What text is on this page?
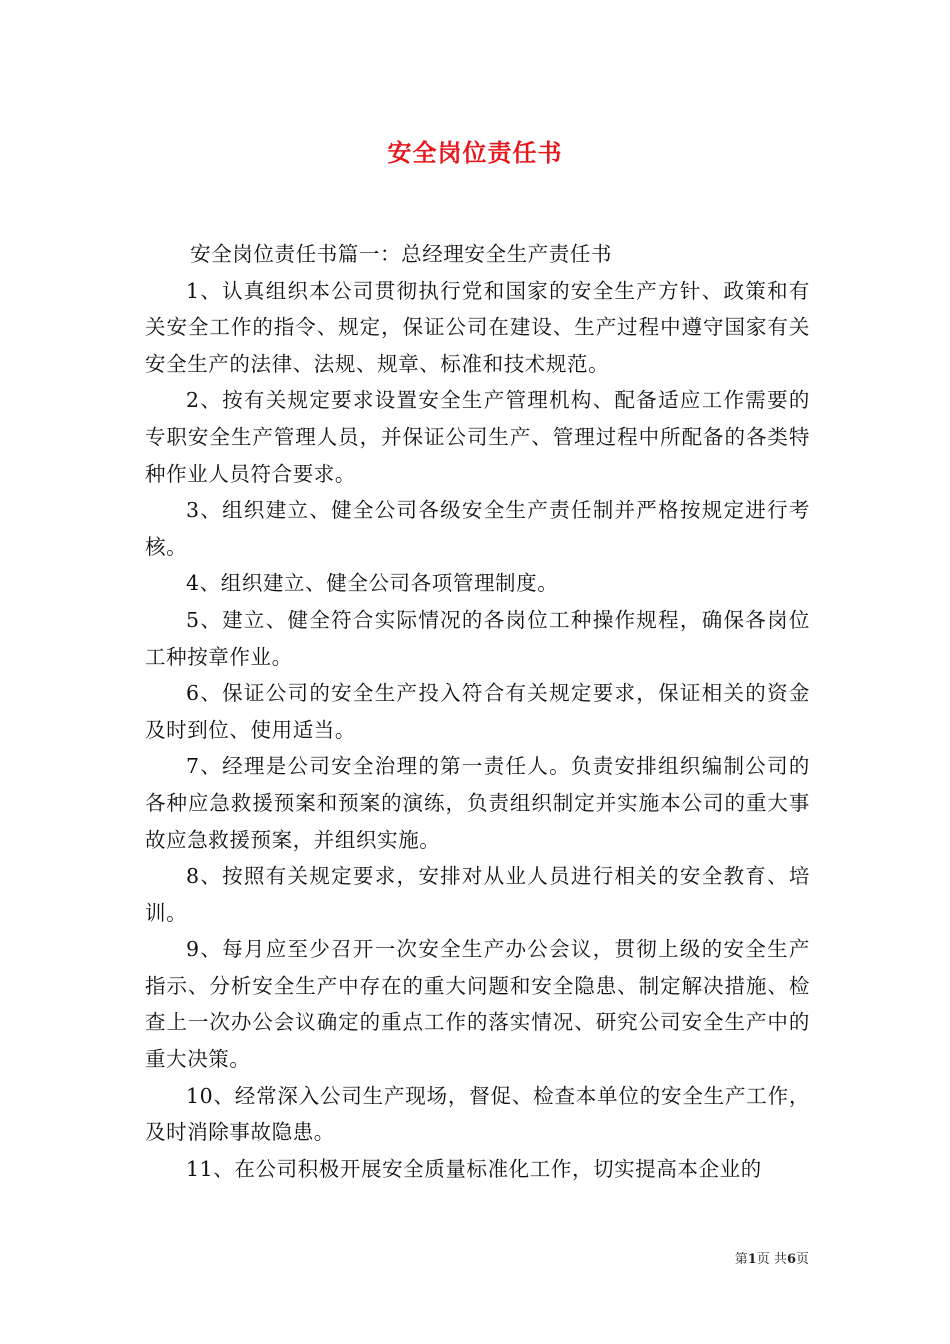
安全岗位责任书

安全岗位责任书篇一：总经理安全生产责任书

1、认真组织本公司贯彻执行党和国家的安全生产方针、政策和有关安全工作的指令、规定，保证公司在建设、生产过程中遵守国家有关安全生产的法律、法规、规章、标准和技术规范。

2、按有关规定要求设置安全生产管理机构、配备适应工作需要的专职安全生产管理人员，并保证公司生产、管理过程中所配备的各类特种作业人员符合要求。

3、组织建立、健全公司各级安全生产责任制并严格按规定进行考核。

4、组织建立、健全公司各项管理制度。

5、建立、健全符合实际情况的各岗位工种操作规程，确保各岗位工种按章作业。

6、保证公司的安全生产投入符合有关规定要求，保证相关的资金及时到位、使用适当。

7、经理是公司安全治理的第一责任人。负责安排组织编制公司的各种应急救援预案和预案的演练，负责组织制定并实施本公司的重大事故应急救援预案，并组织实施。

8、按照有关规定要求，安排对从业人员进行相关的安全教育、培训。

9、每月应至少召开一次安全生产办公会议，贯彻上级的安全生产指示、分析安全生产中存在的重大问题和安全隐患、制定解决措施、检查上一次办公会议确定的重点工作的落实情况、研究公司安全生产中的重大决策。

10、经常深入公司生产现场，督促、检查本单位的安全生产工作，及时消除事故隐患。

11、在公司积极开展安全质量标准化工作，切实提高本企业的

第1页 共6页
